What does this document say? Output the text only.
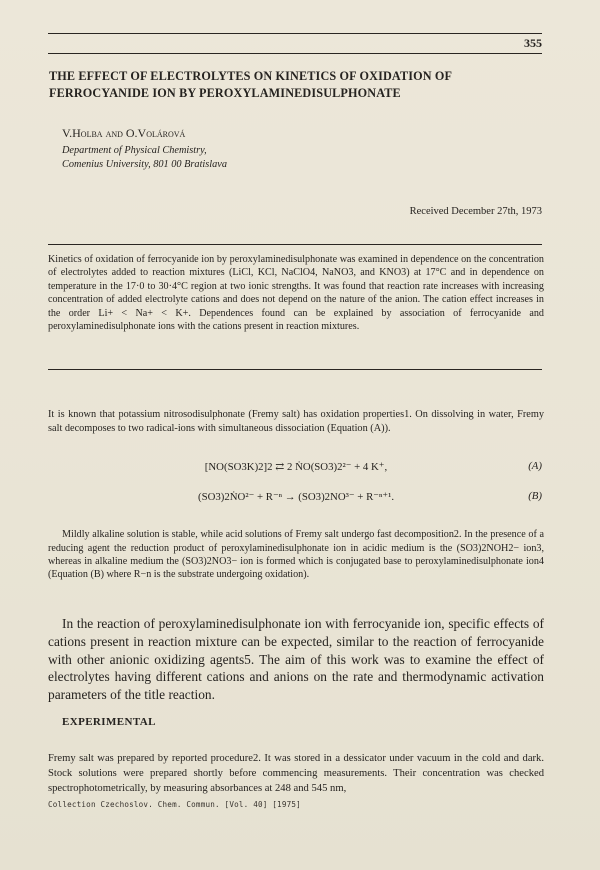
355
THE EFFECT OF ELECTROLYTES ON KINETICS OF OXIDATION OF FERROCYANIDE ION BY PEROXYLAMINEDISULPHONATE
V.Holba and O.Volárová
Department of Physical Chemistry,
Comenius University, 801 00 Bratislava
Received December 27th, 1973

Kinetics of oxidation of ferrocyanide ion by peroxylaminedisulphonate was examined in dependence on the concentration of electrolytes added to reaction mixtures (LiCl, KCl, NaClO4, NaNO3, and KNO3) at 17°C and in dependence on temperature in the 17·0 to 30·4°C region at two ionic strengths. It was found that reaction rate increases with increasing concentration of added electrolyte cations and does not depend on the nature of the anion. The cation effect increases in the order Li+ < Na+ < K+. Dependences found can be explained by association of ferrocyanide and peroxylaminedisulphonate ions with the cations present in reaction mixtures.

It is known that potassium nitrosodisulphonate (Fremy salt) has oxidation properties1. On dissolving in water, Fremy salt decomposes to two radical-ions with simultaneous dissociation (Equation (A)).

[NO(SO3K)2]2 ⇄ 2 ṄO(SO3)2²⁻ + 4 K⁺,	(A)
(SO3)2ṄO²⁻ + R⁻ⁿ → (SO3)2NO³⁻ + R⁻ⁿ⁺¹.	(B)

Mildly alkaline solution is stable, while acid solutions of Fremy salt undergo fast decomposition2. In the presence of a reducing agent the reduction product of peroxylaminedisulphonate ion in acidic medium is the (SO3)2NOH2− ion3, whereas in alkaline medium the (SO3)2NO3− ion is formed which is conjugated base to peroxylaminedisulphonate ion4 (Equation (B) where R−n is the substrate undergoing oxidation).

In the reaction of peroxylaminedisulphonate ion with ferrocyanide ion, specific effects of cations present in reaction mixture can be expected, similar to the reaction of ferrocyanide with other anionic oxidizing agents5. The aim of this work was to examine the effect of electrolytes having different cations and anions on the rate and thermodynamic activation parameters of the title reaction.

EXPERIMENTAL

Fremy salt was prepared by reported procedure2. It was stored in a dessicator under vacuum in the cold and dark. Stock solutions were prepared shortly before commencing measurements. Their concentration was checked spectrophotometrically, by measuring absorbances at 248 and 545 nm,

Collection Czechoslov. Chem. Commun. [Vol. 40] [1975]
